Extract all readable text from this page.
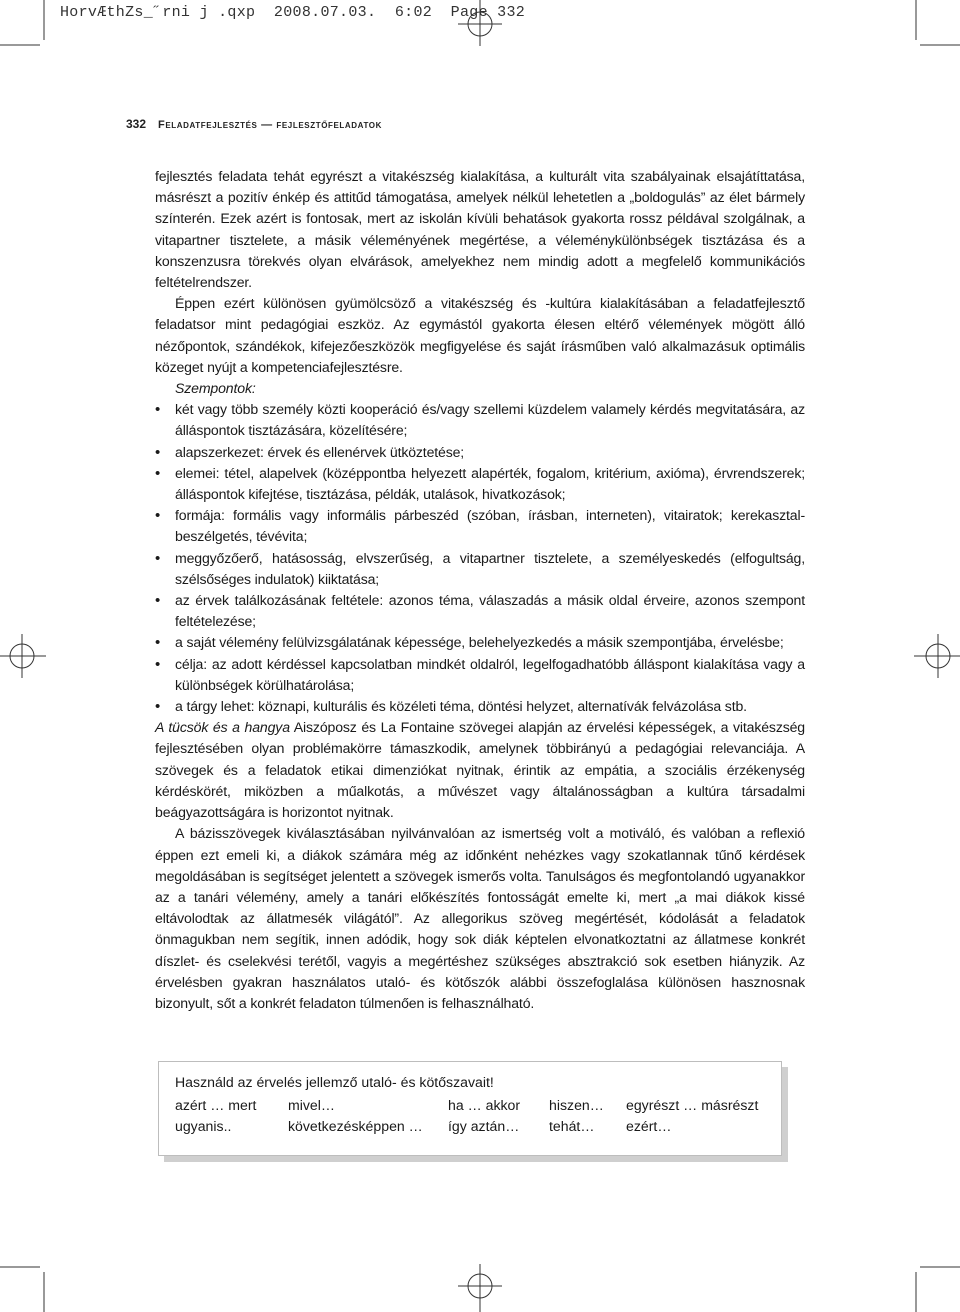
HorvÆthZs_˝rni j .qxp  2008.07.03.  6:02  Page 332
332 Feladatfejlesztés — fejlesztőfeladatok

fejlesztés feladata tehát egyrészt a vitakészség kialakítása, a kulturált vita szabályainak elsajátíttatása, másrészt a pozitív énkép és attitűd támogatása, amelyek nélkül lehetetlen a „boldogulás” az élet bármely színterén. Ezek azért is fontosak, mert az iskolán kívüli behatások gyakorta rossz példával szolgálnak, a vitapartner tisztelete, a másik véleményének megértése, a véleménykülönbségek tisztázása és a konszenzusra törekvés olyan elvárások, amelyekhez nem mindig adott a megfelelő kommunikációs feltételrendszer.

Éppen ezért különösen gyümölcsöző a vitakészség és -kultúra kialakításában a feladatfejlesztő feladatsor mint pedagógiai eszköz. Az egymástól gyakorta élesen eltérő vélemények mögött álló nézőpontok, szándékok, kifejezőeszközök megfigyelése és saját írásműben való alkalmazásuk optimális közeget nyújt a kompetenciafejlesztésre.

Szempontok:

• két vagy több személy közti kooperáció és/vagy szellemi küzdelem valamely kérdés megvitatására, az álláspontok tisztázására, közelítésére;
• alapszerkezet: érvek és ellenérvek ütköztetése;
• elemei: tétel, alapelvek (középpontba helyezett alapérték, fogalom, kritérium, axióma), érvrendszerek; álláspontok kifejtése, tisztázása, példák, utalások, hivatkozások;
• formája: formális vagy informális párbeszéd (szóban, írásban, interneten), vitairatok; kerekasztal-beszélgetés, tévévita;
• meggyőzőerő, hatásosság, elvszerűség, a vitapartner tisztelete, a személyeskedés (elfogultság, szélsőséges indulatok) kiiktatása;
• az érvek találkozásának feltétele: azonos téma, válaszadás a másik oldal érveire, azonos szempont feltételezése;
• a saját vélemény felülvizsgálatának képessége, belehelyezkedés a másik szempontjába, érvelésbe;
• célja: az adott kérdéssel kapcsolatban mindkét oldalról, legelfogadhatóbb álláspont kialakítása vagy a különbségek körülhatárolása;
• a tárgy lehet: köznapi, kulturális és közéleti téma, döntési helyzet, alternatívák felvázolása stb.

A tücsök és a hangya Aiszóposz és La Fontaine szövegei alapján az érvelési képességek, a vitakészség fejlesztésében olyan problémakörre támaszkodik, amelynek többirányú a pedagógiai relevanciája. A szövegek és a feladatok etikai dimenziókat nyitnak, érintik az empátia, a szociális érzékenység kérdéskörét, miközben a műalkotás, a művészet vagy általánosságban a kultúra társadalmi beágyazottságára is horizontot nyitnak.

A bázisszövegek kiválasztásában nyilvánvalóan az ismertség volt a motiváló, és valóban a reflexió éppen ezt emeli ki, a diákok számára még az időnként nehézkes vagy szokatlannak tűnő kérdések megoldásában is segítséget jelentett a szövegek ismerős volta. Tanulságos és megfontolandó ugyanakkor az a tanári vélemény, amely a tanári előkészítés fontosságát emelte ki, mert „a mai diákok kissé eltávolodtak az állatmesék világától”. Az allegorikus szöveg megértését, kódolását a feladatok önmagukban nem segítik, innen adódik, hogy sok diák képtelen elvonatkoztatni az állatmese konkrét díszlet- és cselekvési terétől, vagyis a megértéshez szükséges absztrakció sok esetben hiányzik. Az érvelésben gyakran használatos utaló- és kötőszók alábbi összefoglalása különösen hasznosnak bizonyult, sőt a konkrét feladaton túlmenően is felhasználható.

Használd az érvelés jellemző utaló- és kötőszavait!
azért … mert mivel…	ha … akkor hiszen… egyrészt … másrészt
ugyanis..	következésképpen … így aztán… tehát… ezért…
